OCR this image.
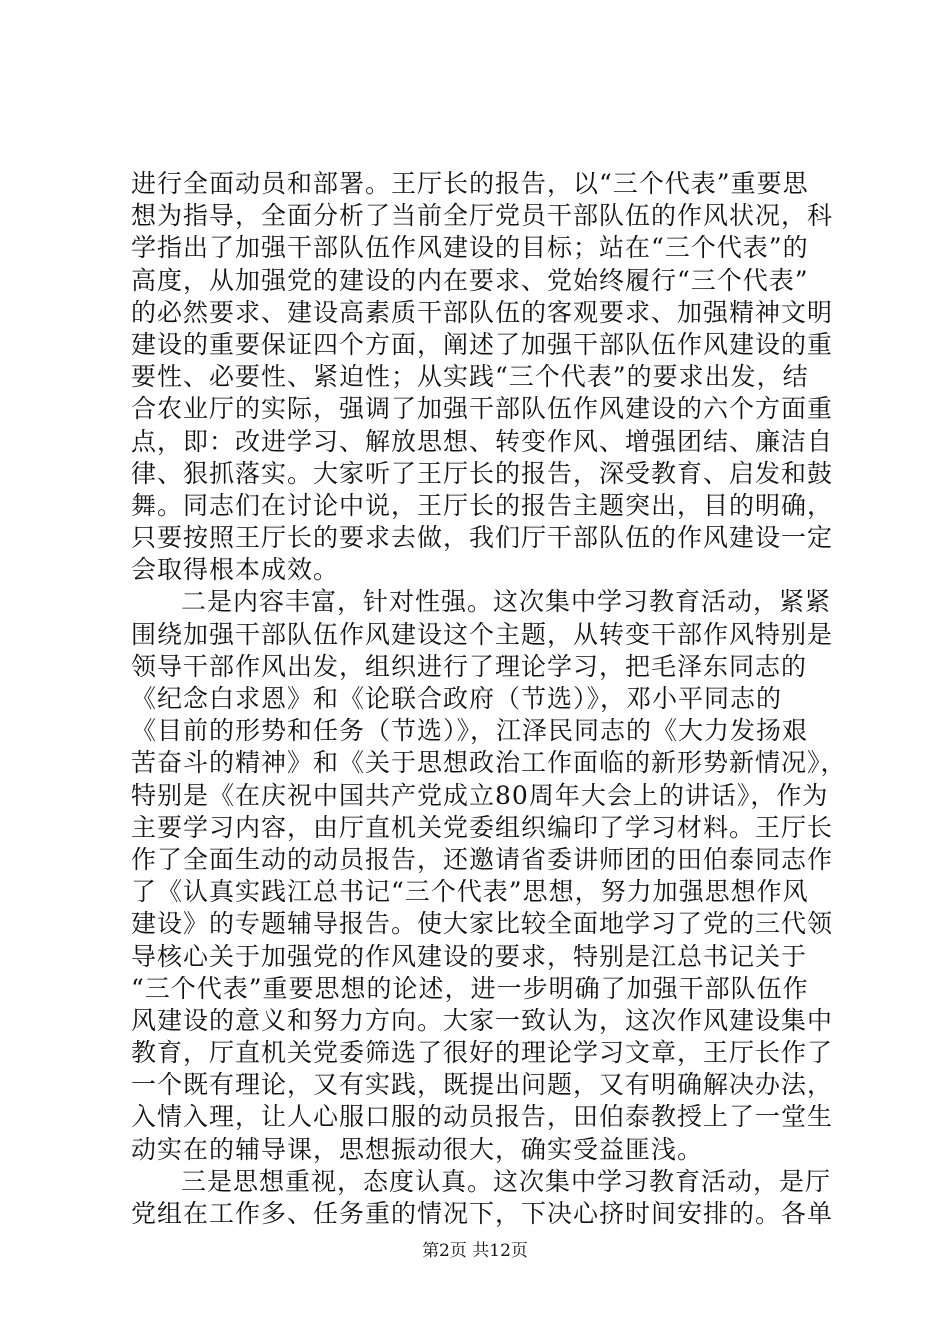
进行全面动员和部署。王厅长的报告，以“三个代表”重要思
想为指导，全面分析了当前全厅党员干部队伍的作风状况，科
学指出了加强干部队伍作风建设的目标；站在“三个代表”的
高度，从加强党的建设的内在要求、党始终履行“三个代表”
的必然要求、建设高素质干部队伍的客观要求、加强精神文明
建设的重要保证四个方面，阐述了加强干部队伍作风建设的重
要性、必要性、紧迫性；从实践“三个代表”的要求出发，结
合农业厅的实际，强调了加强干部队伍作风建设的六个方面重
点，即：改进学习、解放思想、转变作风、增强团结、廉洁自
律、狠抓落实。大家听了王厅长的报告，深受教育、启发和鼓
舞。同志们在讨论中说，王厅长的报告主题突出，目的明确，
只要按照王厅长的要求去做，我们厅干部队伍的作风建设一定
会取得根本成效。
二是内容丰富，针对性强。这次集中学习教育活动，紧紧
围绕加强干部队伍作风建设这个主题，从转变干部作风特别是
领导干部作风出发，组织进行了理论学习，把毛泽东同志的
《纪念白求恩》和《论联合政府（节选）》，邓小平同志的
《目前的形势和任务（节选）》，江泽民同志的《大力发扬艰
苦奋斗的精神》和《关于思想政治工作面临的新形势新情况》，
特别是《在庆祝中国共产党成立80周年大会上的讲话》，作为
主要学习内容，由厅直机关党委组织编印了学习材料。王厅长
作了全面生动的动员报告，还邀请省委讲师团的田伯泰同志作
了《认真实践江总书记“三个代表”思想，努力加强思想作风
建设》的专题辅导报告。使大家比较全面地学习了党的三代领
导核心关于加强党的作风建设的要求，特别是江总书记关于
“三个代表”重要思想的论述，进一步明确了加强干部队伍作
风建设的意义和努力方向。大家一致认为，这次作风建设集中
教育，厅直机关党委筛选了很好的理论学习文章，王厅长作了
一个既有理论，又有实践，既提出问题，又有明确解决办法，
入情入理，让人心服口服的动员报告，田伯泰教授上了一堂生
动实在的辅导课，思想振动很大，确实受益匪浅。
三是思想重视，态度认真。这次集中学习教育活动，是厅
党组在工作多、任务重的情况下，下决心挤时间安排的。各单
第2页 共12页
